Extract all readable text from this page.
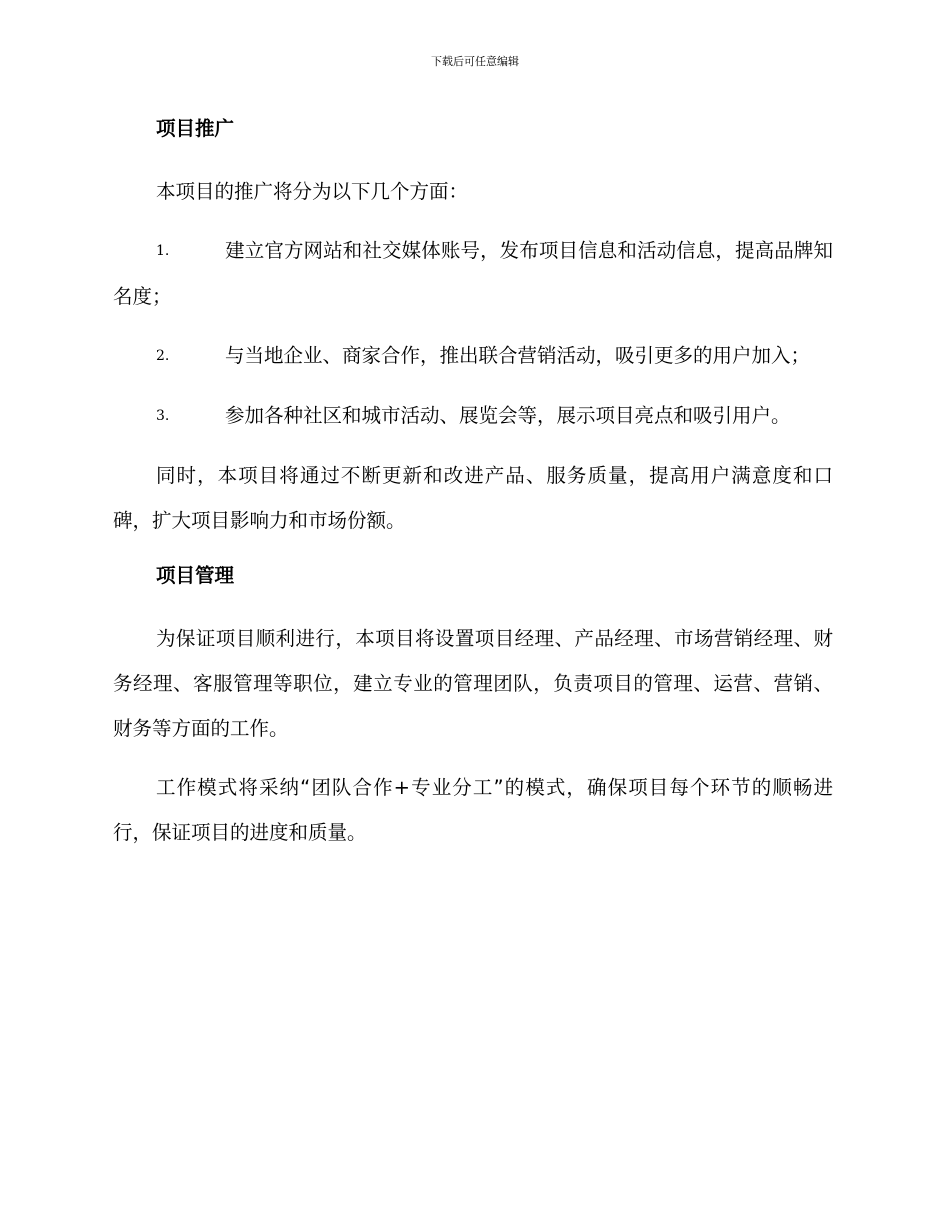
下载后可任意编辑
项目推广

本项目的推广将分为以下几个方面：

1.	建立官方网站和社交媒体账号，发布项目信息和活动信息，提高品牌知名度；

2.	与当地企业、商家合作，推出联合营销活动，吸引更多的用户加入；

3.	参加各种社区和城市活动、展览会等，展示项目亮点和吸引用户。

同时，本项目将通过不断更新和改进产品、服务质量，提高用户满意度和口碑，扩大项目影响力和市场份额。

项目管理

为保证项目顺利进行，本项目将设置项目经理、产品经理、市场营销经理、财务经理、客服管理等职位，建立专业的管理团队，负责项目的管理、运营、营销、财务等方面的工作。

工作模式将采纳“团队合作+专业分工”的模式，确保项目每个环节的顺畅进行，保证项目的进度和质量。
